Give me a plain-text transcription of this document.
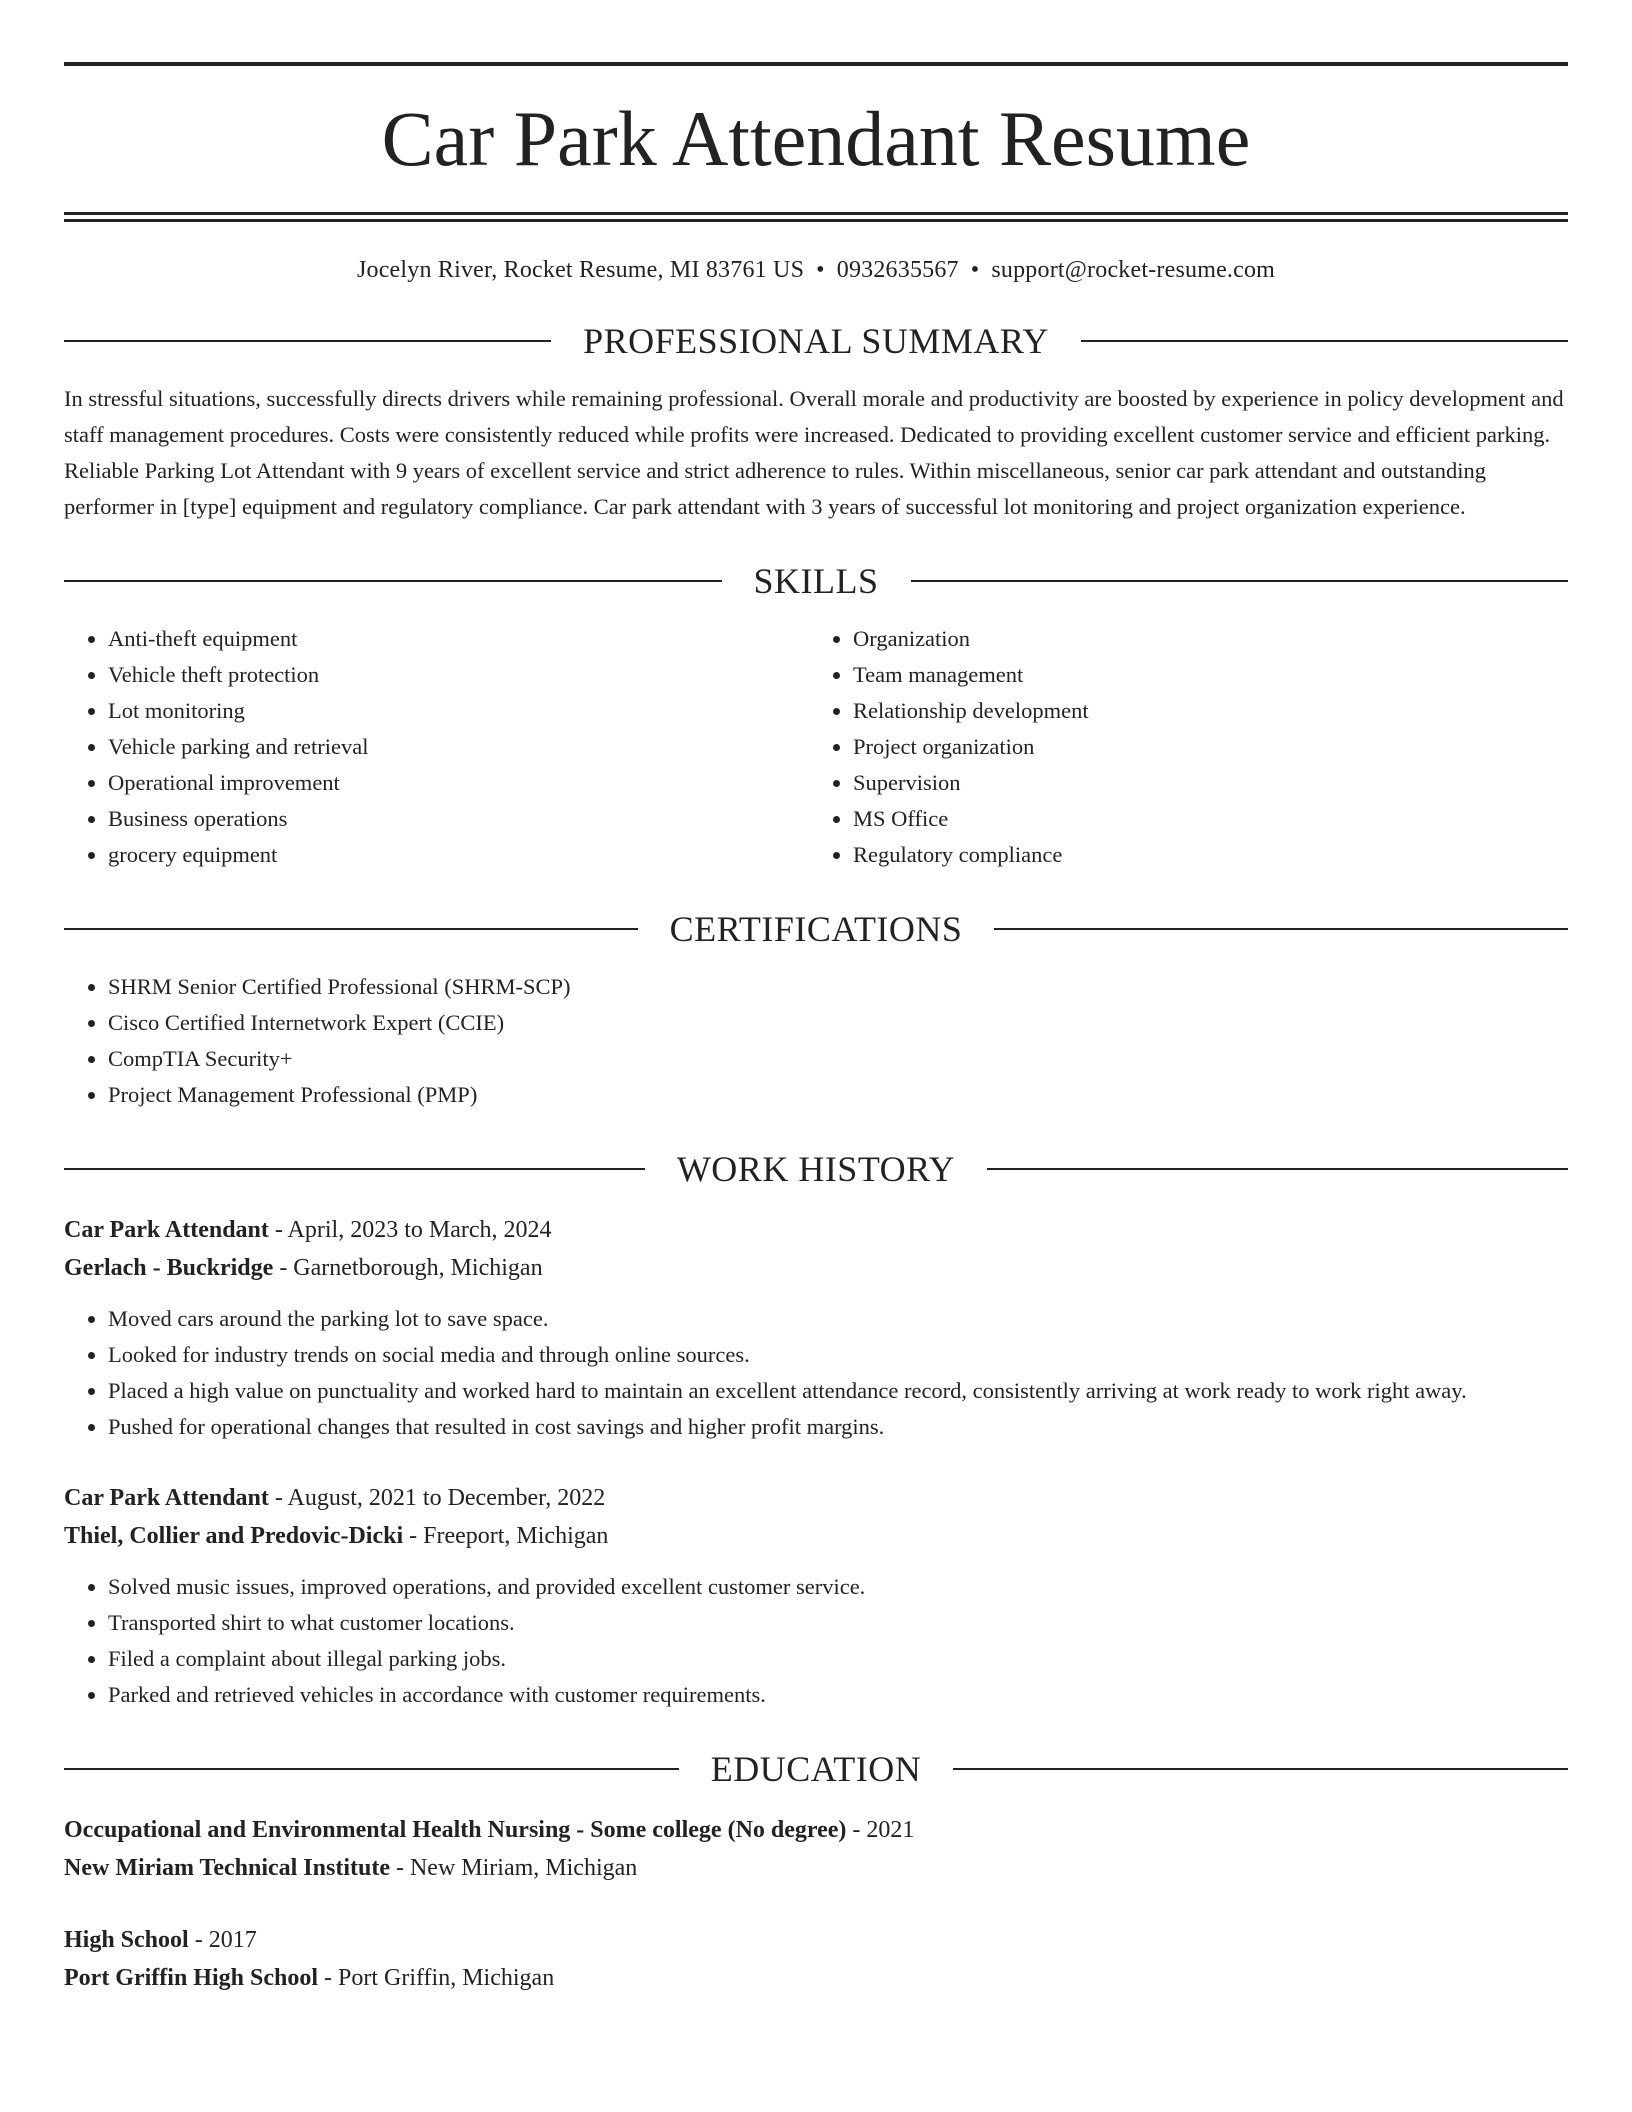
Car Park Attendant Resume
Jocelyn River, Rocket Resume, MI 83761 US • 0932635567 • support@rocket-resume.com
PROFESSIONAL SUMMARY

In stressful situations, successfully directs drivers while remaining professional. Overall morale and productivity are boosted by experience in policy development and staff management procedures. Costs were consistently reduced while profits were increased. Dedicated to providing excellent customer service and efficient parking. Reliable Parking Lot Attendant with 9 years of excellent service and strict adherence to rules. Within miscellaneous, senior car park attendant and outstanding performer in [type] equipment and regulatory compliance. Car park attendant with 3 years of successful lot monitoring and project organization experience.

SKILLS
• Anti-theft equipment
• Vehicle theft protection
• Lot monitoring
• Vehicle parking and retrieval
• Operational improvement
• Business operations
• grocery equipment
• Organization
• Team management
• Relationship development
• Project organization
• Supervision
• MS Office
• Regulatory compliance
CERTIFICATIONS
• SHRM Senior Certified Professional (SHRM-SCP)
• Cisco Certified Internetwork Expert (CCIE)
• CompTIA Security+
• Project Management Professional (PMP)
WORK HISTORY
Car Park Attendant - April, 2023 to March, 2024
Gerlach - Buckridge - Garnetborough, Michigan
• Moved cars around the parking lot to save space.
• Looked for industry trends on social media and through online sources.
• Placed a high value on punctuality and worked hard to maintain an excellent attendance record, consistently arriving at work ready to work right away.
• Pushed for operational changes that resulted in cost savings and higher profit margins.
Car Park Attendant - August, 2021 to December, 2022
Thiel, Collier and Predovic-Dicki - Freeport, Michigan
• Solved music issues, improved operations, and provided excellent customer service.
• Transported shirt to what customer locations.
• Filed a complaint about illegal parking jobs.
• Parked and retrieved vehicles in accordance with customer requirements.
EDUCATION
Occupational and Environmental Health Nursing - Some college (No degree) - 2021
New Miriam Technical Institute - New Miriam, Michigan
High School - 2017
Port Griffin High School - Port Griffin, Michigan
